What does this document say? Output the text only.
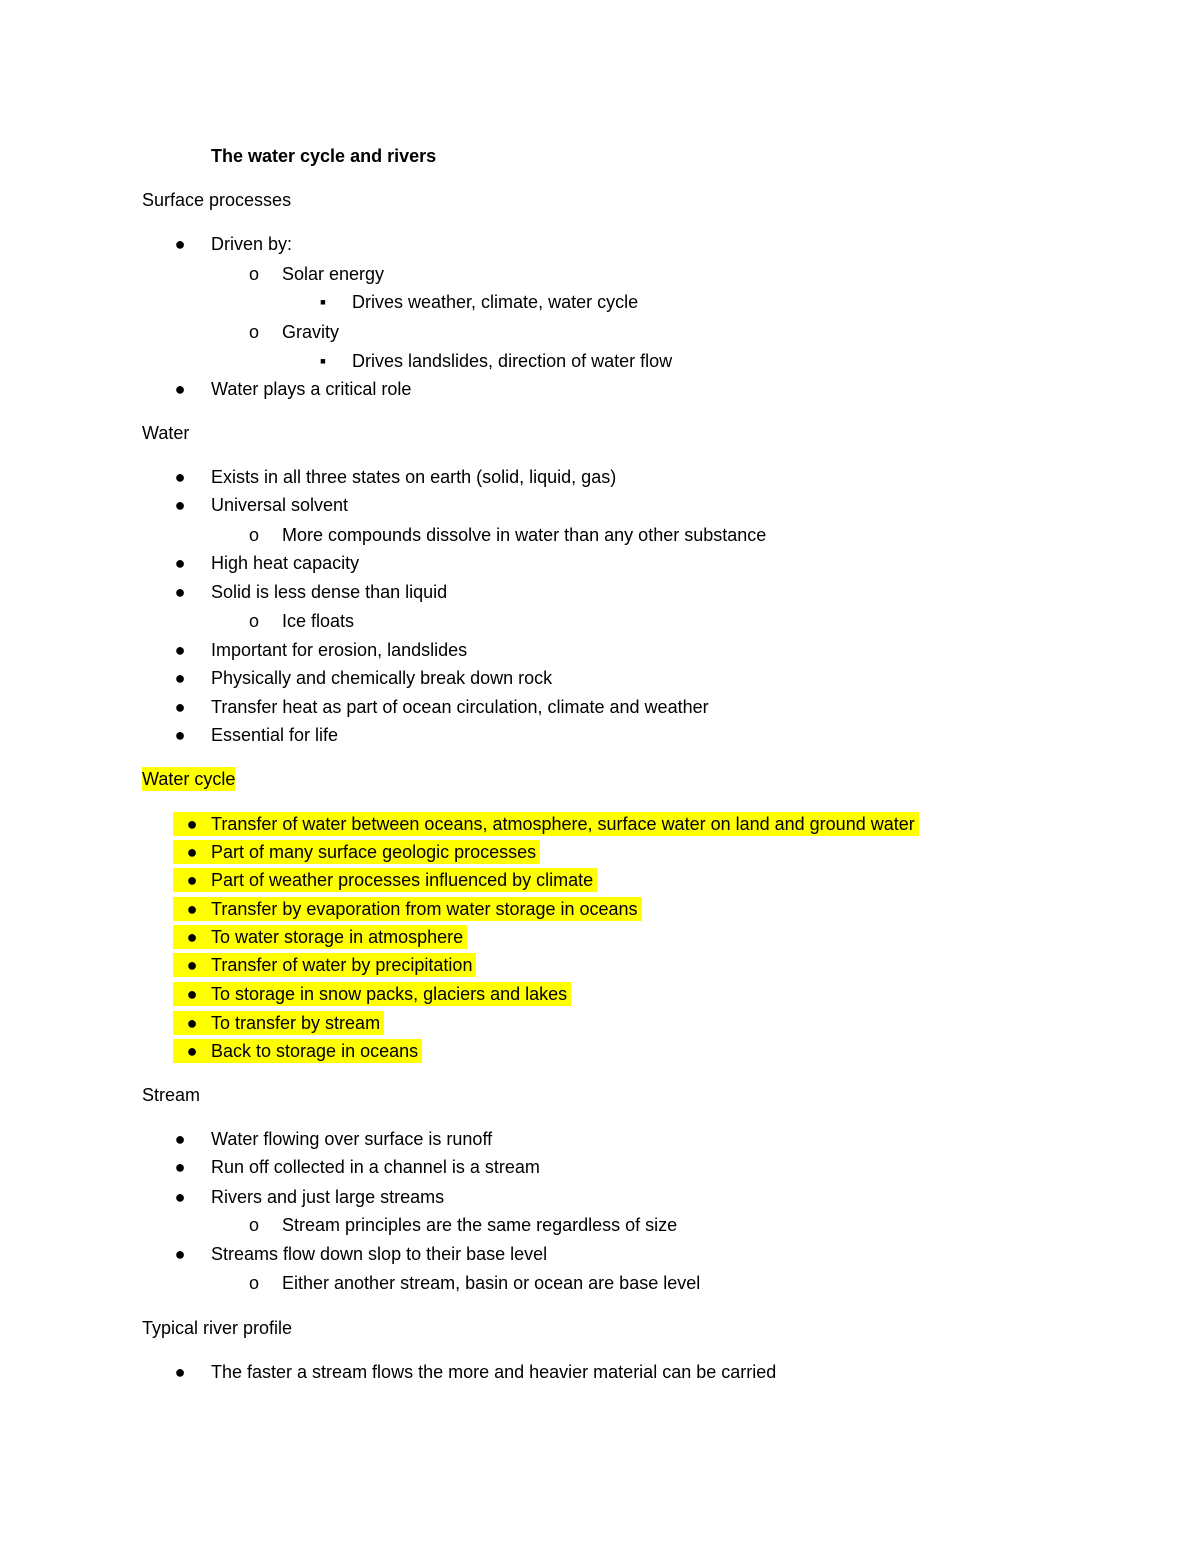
The water cycle and rivers
Surface processes
● Driven by:
o Solar energy
▪ Drives weather, climate, water cycle
o Gravity
▪ Drives landslides, direction of water flow
● Water plays a critical role
Water
● Exists in all three states on earth (solid, liquid, gas)
● Universal solvent
o More compounds dissolve in water than any other substance
● High heat capacity
● Solid is less dense than liquid
o Ice floats
● Important for erosion, landslides
● Physically and chemically break down rock
● Transfer heat as part of ocean circulation, climate and weather
● Essential for life
Water cycle
● Transfer of water between oceans, atmosphere, surface water on land and ground water
● Part of many surface geologic processes
● Part of weather processes influenced by climate
● Transfer by evaporation from water storage in oceans
● To water storage in atmosphere
● Transfer of water by precipitation
● To storage in snow packs, glaciers and lakes
● To transfer by stream
● Back to storage in oceans
Stream
● Water flowing over surface is runoff
● Run off collected in a channel is a stream
● Rivers and just large streams
o Stream principles are the same regardless of size
● Streams flow down slop to their base level
o Either another stream, basin or ocean are base level
Typical river profile
● The faster a stream flows the more and heavier material can be carried
